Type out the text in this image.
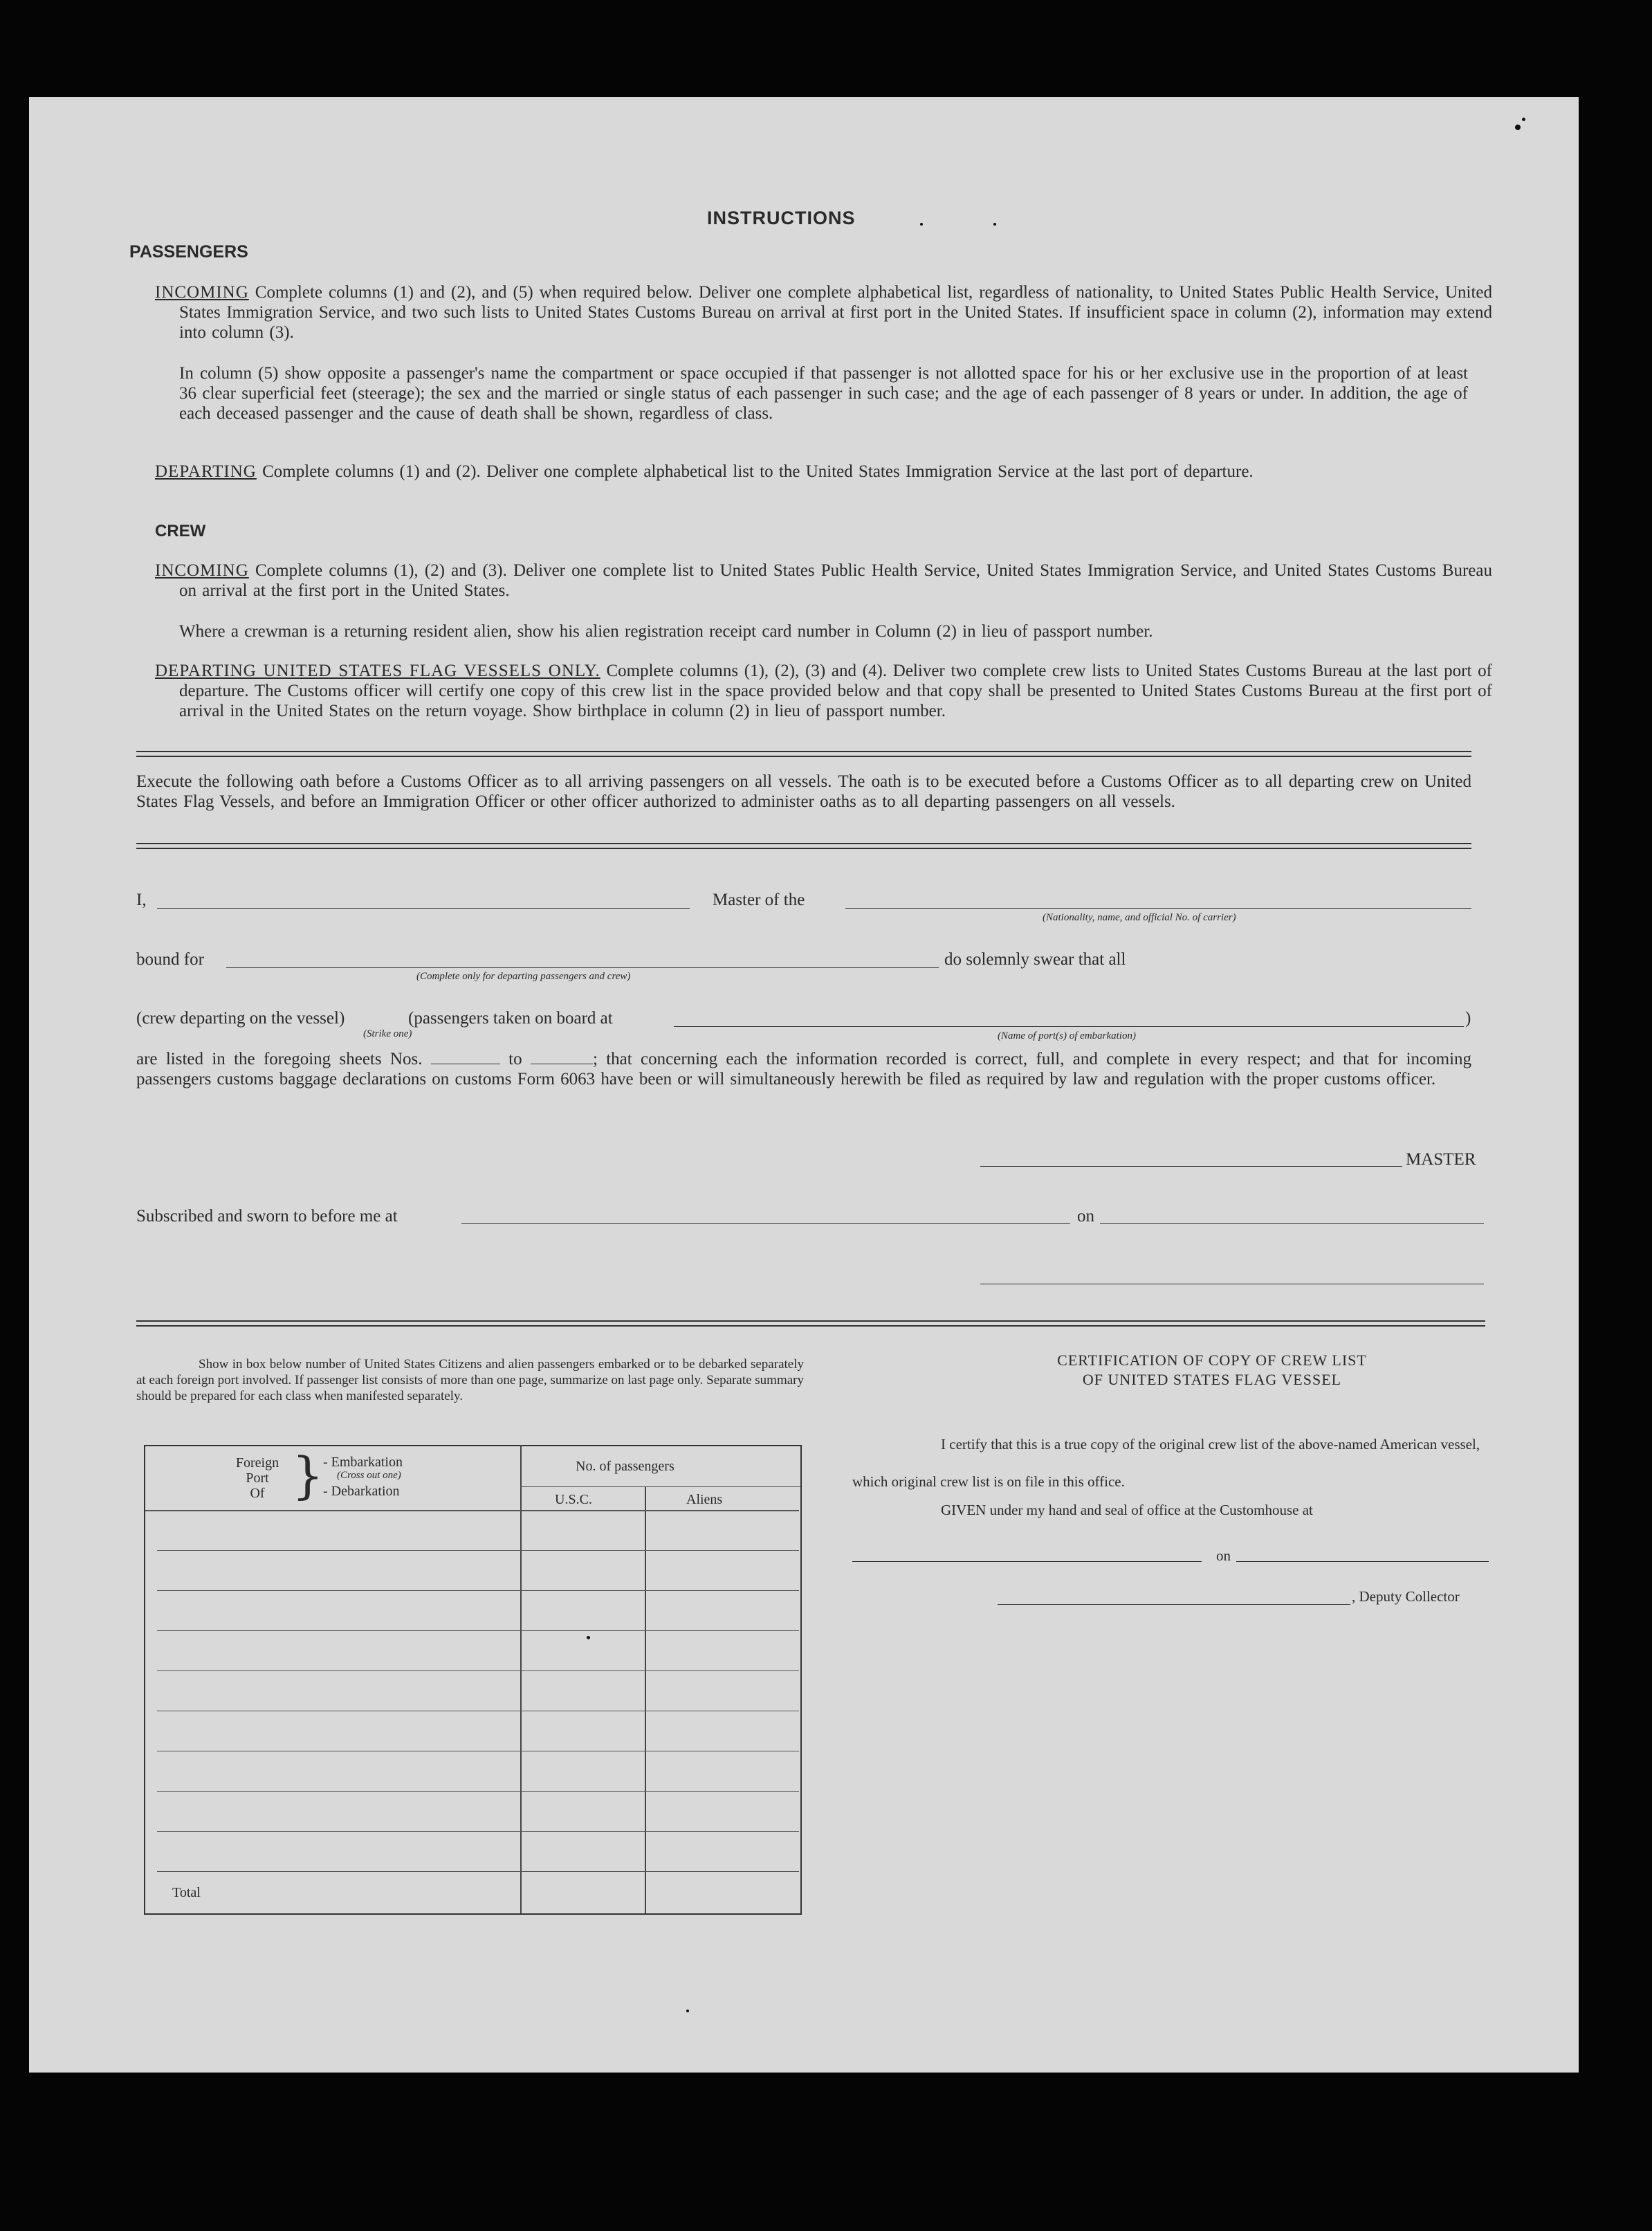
INSTRUCTIONS
PASSENGERS
INCOMING Complete columns (1) and (2), and (5) when required below. Deliver one complete alphabetical list, regardless of nationality, to United States Public Health Service, United States Immigration Service, and two such lists to United States Customs Bureau on arrival at first port in the United States. If insufficient space in column (2), information may extend into column (3).
In column (5) show opposite a passenger's name the compartment or space occupied if that passenger is not allotted space for his or her exclusive use in the proportion of at least 36 clear superficial feet (steerage); the sex and the married or single status of each passenger in such case; and the age of each passenger of 8 years or under. In addition, the age of each deceased passenger and the cause of death shall be shown, regardless of class.
DEPARTING Complete columns (1) and (2). Deliver one complete alphabetical list to the United States Immigration Service at the last port of departure.
CREW
INCOMING Complete columns (1), (2) and (3). Deliver one complete list to United States Public Health Service, United States Immigration Service, and United States Customs Bureau on arrival at the first port in the United States.
Where a crewman is a returning resident alien, show his alien registration receipt card number in Column (2) in lieu of passport number.
DEPARTING UNITED STATES FLAG VESSELS ONLY. Complete columns (1), (2), (3) and (4). Deliver two complete crew lists to United States Customs Bureau at the last port of departure. The Customs officer will certify one copy of this crew list in the space provided below and that copy shall be presented to United States Customs Bureau at the first port of arrival in the United States on the return voyage. Show birthplace in column (2) in lieu of passport number.
Execute the following oath before a Customs Officer as to all arriving passengers on all vessels. The oath is to be executed before a Customs Officer as to all departing crew on United States Flag Vessels, and before an Immigration Officer or other officer authorized to administer oaths as to all departing passengers on all vessels.
I,	Master of the
(Nationality, name, and official No. of carrier)
bound for
(Complete only for departing passengers and crew)
do solemnly swear that all
(crew departing on the vessel)
(Strike one)
(passengers taken on board at	)
(Name of port(s) of embarkation)
are listed in the foregoing sheets Nos.	to	; that concerning each the information recorded is correct, full, and complete in every respect; and that for incoming passengers customs baggage declarations on customs Form 6063 have been or will simultaneously herewith be filed as required by law and regulation with the proper customs officer.
MASTER
Subscribed and sworn to before me at	on
Show in box below number of United States Citizens and alien passengers embarked or to be debarked separately at each foreign port involved. If passenger list consists of more than one page, summarize on last page only. Separate summary should be prepared for each class when manifested separately.
Foreign
Port
Of } - Embarkation
(Cross out one)
- Debarkation
No. of passengers
U.S.C.	Aliens
Total
CERTIFICATION OF COPY OF CREW LIST
OF UNITED STATES FLAG VESSEL
I certify that this is a true copy of the original crew list of the above-named American vessel, which original crew list is on file in this office.
GIVEN under my hand and seal of office at the Customhouse at
on
, Deputy Collector
